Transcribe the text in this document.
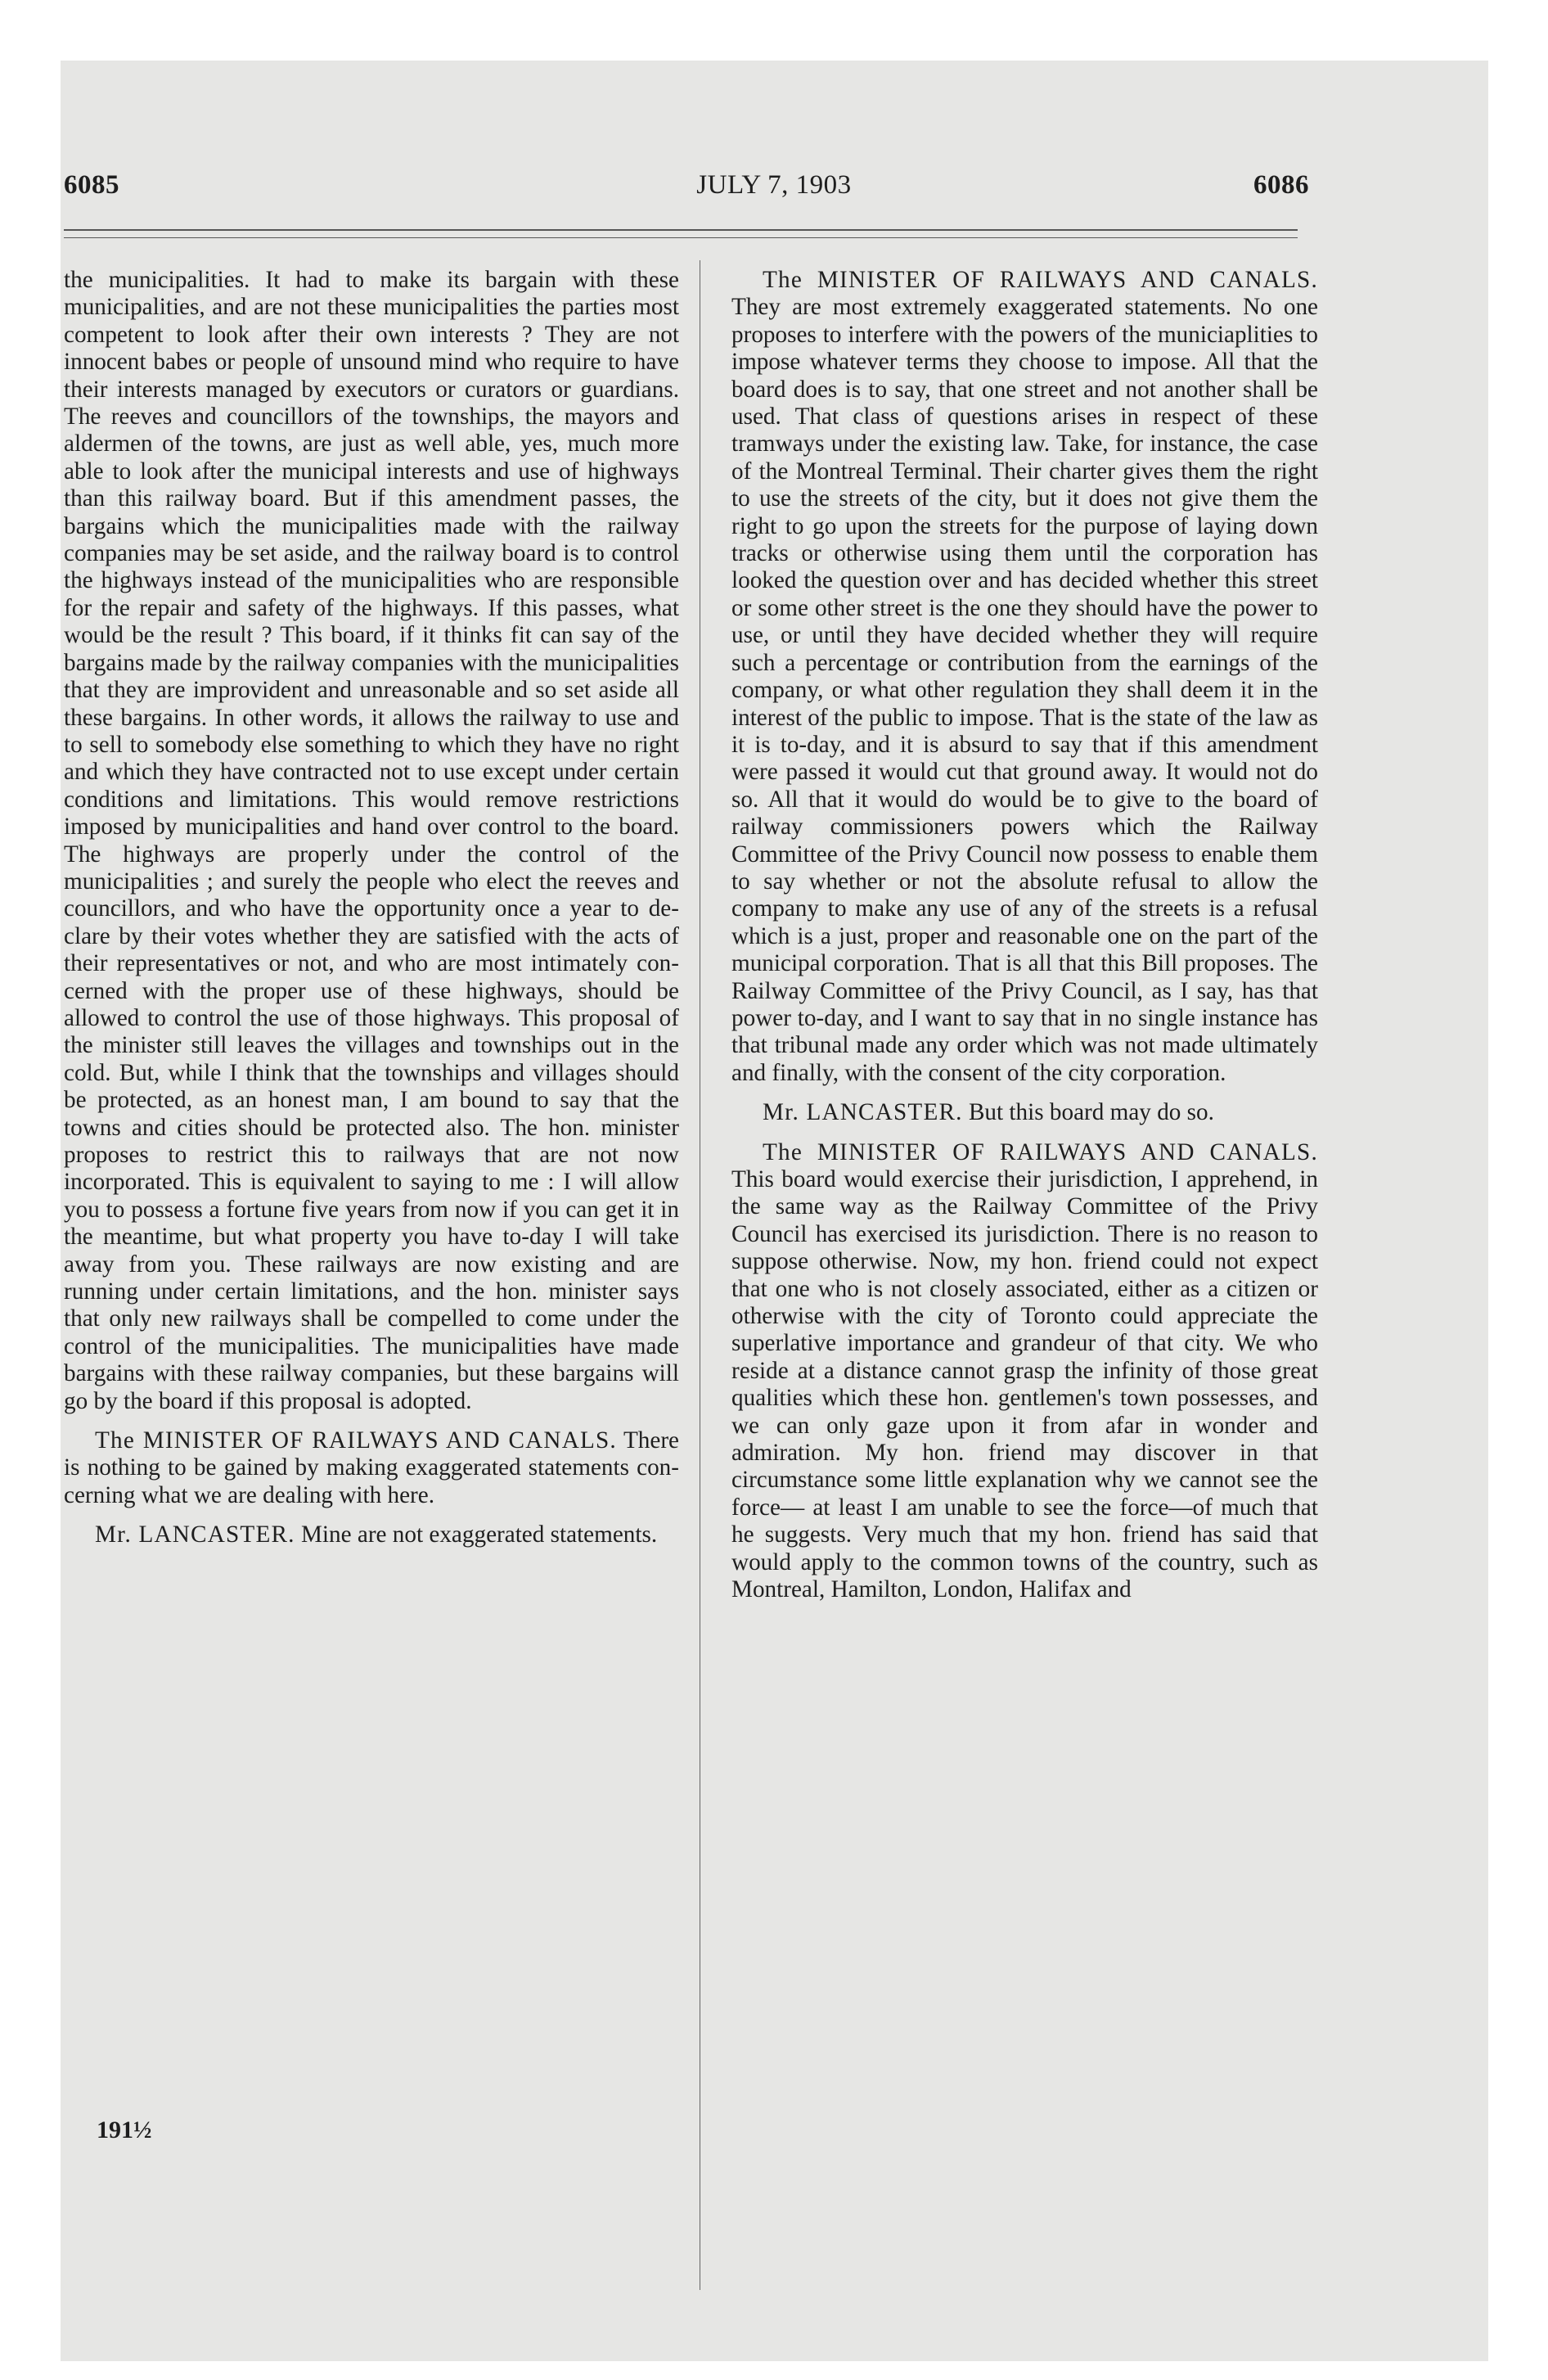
6085	JULY 7, 1903	6086

the municipalities. It had to make its bargain with these municipalities, and are not these municipalities the parties most competent to look after their own interests ? They are not innocent babes or people of unsound mind who require to have their interests managed by executors or curators or guardians. The reeves and councillors of the townships, the mayors and aldermen of the towns, are just as well able, yes, much more able to look after the municipal interests and use of highways than this railway board. But if this amendment passes, the bargains which the municipalities made with the railway companies may be set aside, and the railway board is to control the highways instead of the municipalities who are responsible for the repair and safety of the highways. If this passes, what would be the result ? This board, if it thinks fit can say of the bargains made by the railway companies with the municipalities that they are improvident and unreasonable and so set aside all these bargains. In other words, it allows the railway to use and to sell to somebody else something to which they have no right and which they have contracted not to use except under certain conditions and limitations. This would remove restrictions imposed by municipalities and hand over control to the board. The highways are properly under the control of the municipalities ; and surely the people who elect the reeves and councillors, and who have the opportunity once a year to declare by their votes whether they are satisfied with the acts of their representatives or not, and who are most intimately concerned with the proper use of these highways, should be allowed to control the use of those highways. This proposal of the minister still leaves the villages and townships out in the cold. But, while I think that the townships and villages should be protected, as an honest man, I am bound to say that the towns and cities should be protected also. The hon. minister proposes to restrict this to railways that are not now incorporated. This is equivalent to saying to me : I will allow you to possess a fortune five years from now if you can get it in the meantime, but what property you have to-day I will take away from you. These railways are now existing and are running under certain limitations, and the hon. minister says that only new railways shall be compelled to come under the control of the municipalities. The municipalities have made bargains with these railway companies, but these bargains will go by the board if this proposal is adopted.

The MINISTER OF RAILWAYS AND CANALS. There is nothing to be gained by making exaggerated statements concerning what we are dealing with here.

Mr. LANCASTER. Mine are not exaggerated statements.

The MINISTER OF RAILWAYS AND CANALS. They are most extremely exaggerated statements. No one proposes to interfere with the powers of the municiaplities to impose whatever terms they choose to impose. All that the board does is to say, that one street and not another shall be used. That class of questions arises in respect of these tramways under the existing law. Take, for instance, the case of the Montreal Terminal. Their charter gives them the right to use the streets of the city, but it does not give them the right to go upon the streets for the purpose of laying down tracks or otherwise using them until the corporation has looked the question over and has decided whether this street or some other street is the one they should have the power to use, or until they have decided whether they will require such a percentage or contribution from the earnings of the company, or what other regulation they shall deem it in the interest of the public to impose. That is the state of the law as it is to-day, and it is absurd to say that if this amendment were passed it would cut that ground away. It would not do so. All that it would do would be to give to the board of railway commissioners powers which the Railway Committee of the Privy Council now possess to enable them to say whether or not the absolute refusal to allow the company to make any use of any of the streets is a refusal which is a just, proper and reasonable one on the part of the municipal corporation. That is all that this Bill proposes. The Railway Committee of the Privy Council, as I say, has that power to-day, and I want to say that in no single instance has that tribunal made any order which was not made ultimately and finally, with the consent of the city corporation.

Mr. LANCASTER. But this board may do so.

The MINISTER OF RAILWAYS AND CANALS. This board would exercise their jurisdiction, I apprehend, in the same way as the Railway Committee of the Privy Council has exercised its jurisdiction. There is no reason to suppose otherwise. Now, my hon. friend could not expect that one who is not closely associated, either as a citizen or otherwise with the city of Toronto could appreciate the superlative importance and grandeur of that city. We who reside at a distance cannot grasp the infinity of those great qualities which these hon. gentlemen's town possesses, and we can only gaze upon it from afar in wonder and admiration. My hon. friend may discover in that circumstance some little explanation why we cannot see the force— at least I am unable to see the force—of much that he suggests. Very much that my hon. friend has said that would apply to the common towns of the country, such as Montreal, Hamilton, London, Halifax and

191½
